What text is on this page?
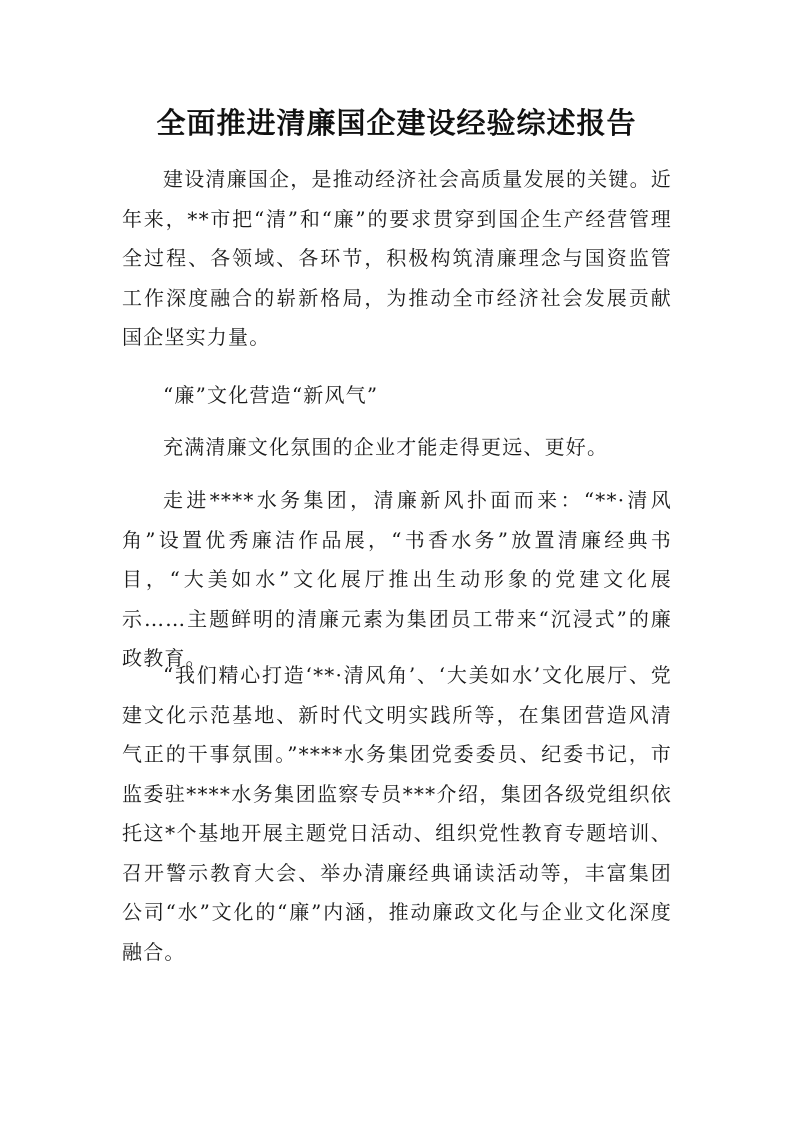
全面推进清廉国企建设经验综述报告

建设清廉国企，是推动经济社会高质量发展的关键。近年来，**市把“清”和“廉”的要求贯穿到国企生产经营管理全过程、各领域、各环节，积极构筑清廉理念与国资监管工作深度融合的崭新格局，为推动全市经济社会发展贡献国企坚实力量。

“廉”文化营造“新风气”

充满清廉文化氛围的企业才能走得更远、更好。

走进****水务集团，清廉新风扑面而来：“**·清风角”设置优秀廉洁作品展，“书香水务”放置清廉经典书目，“大美如水”文化展厅推出生动形象的党建文化展示……主题鲜明的清廉元素为集团员工带来“沉浸式”的廉政教育。

“我们精心打造‘**·清风角’、‘大美如水’文化展厅、党建文化示范基地、新时代文明实践所等，在集团营造风清气正的干事氛围。”****水务集团党委委员、纪委书记，市监委驻****水务集团监察专员***介绍，集团各级党组织依托这*个基地开展主题党日活动、组织党性教育专题培训、召开警示教育大会、举办清廉经典诵读活动等，丰富集团公司“水”文化的“廉”内涵，推动廉政文化与企业文化深度融合。
